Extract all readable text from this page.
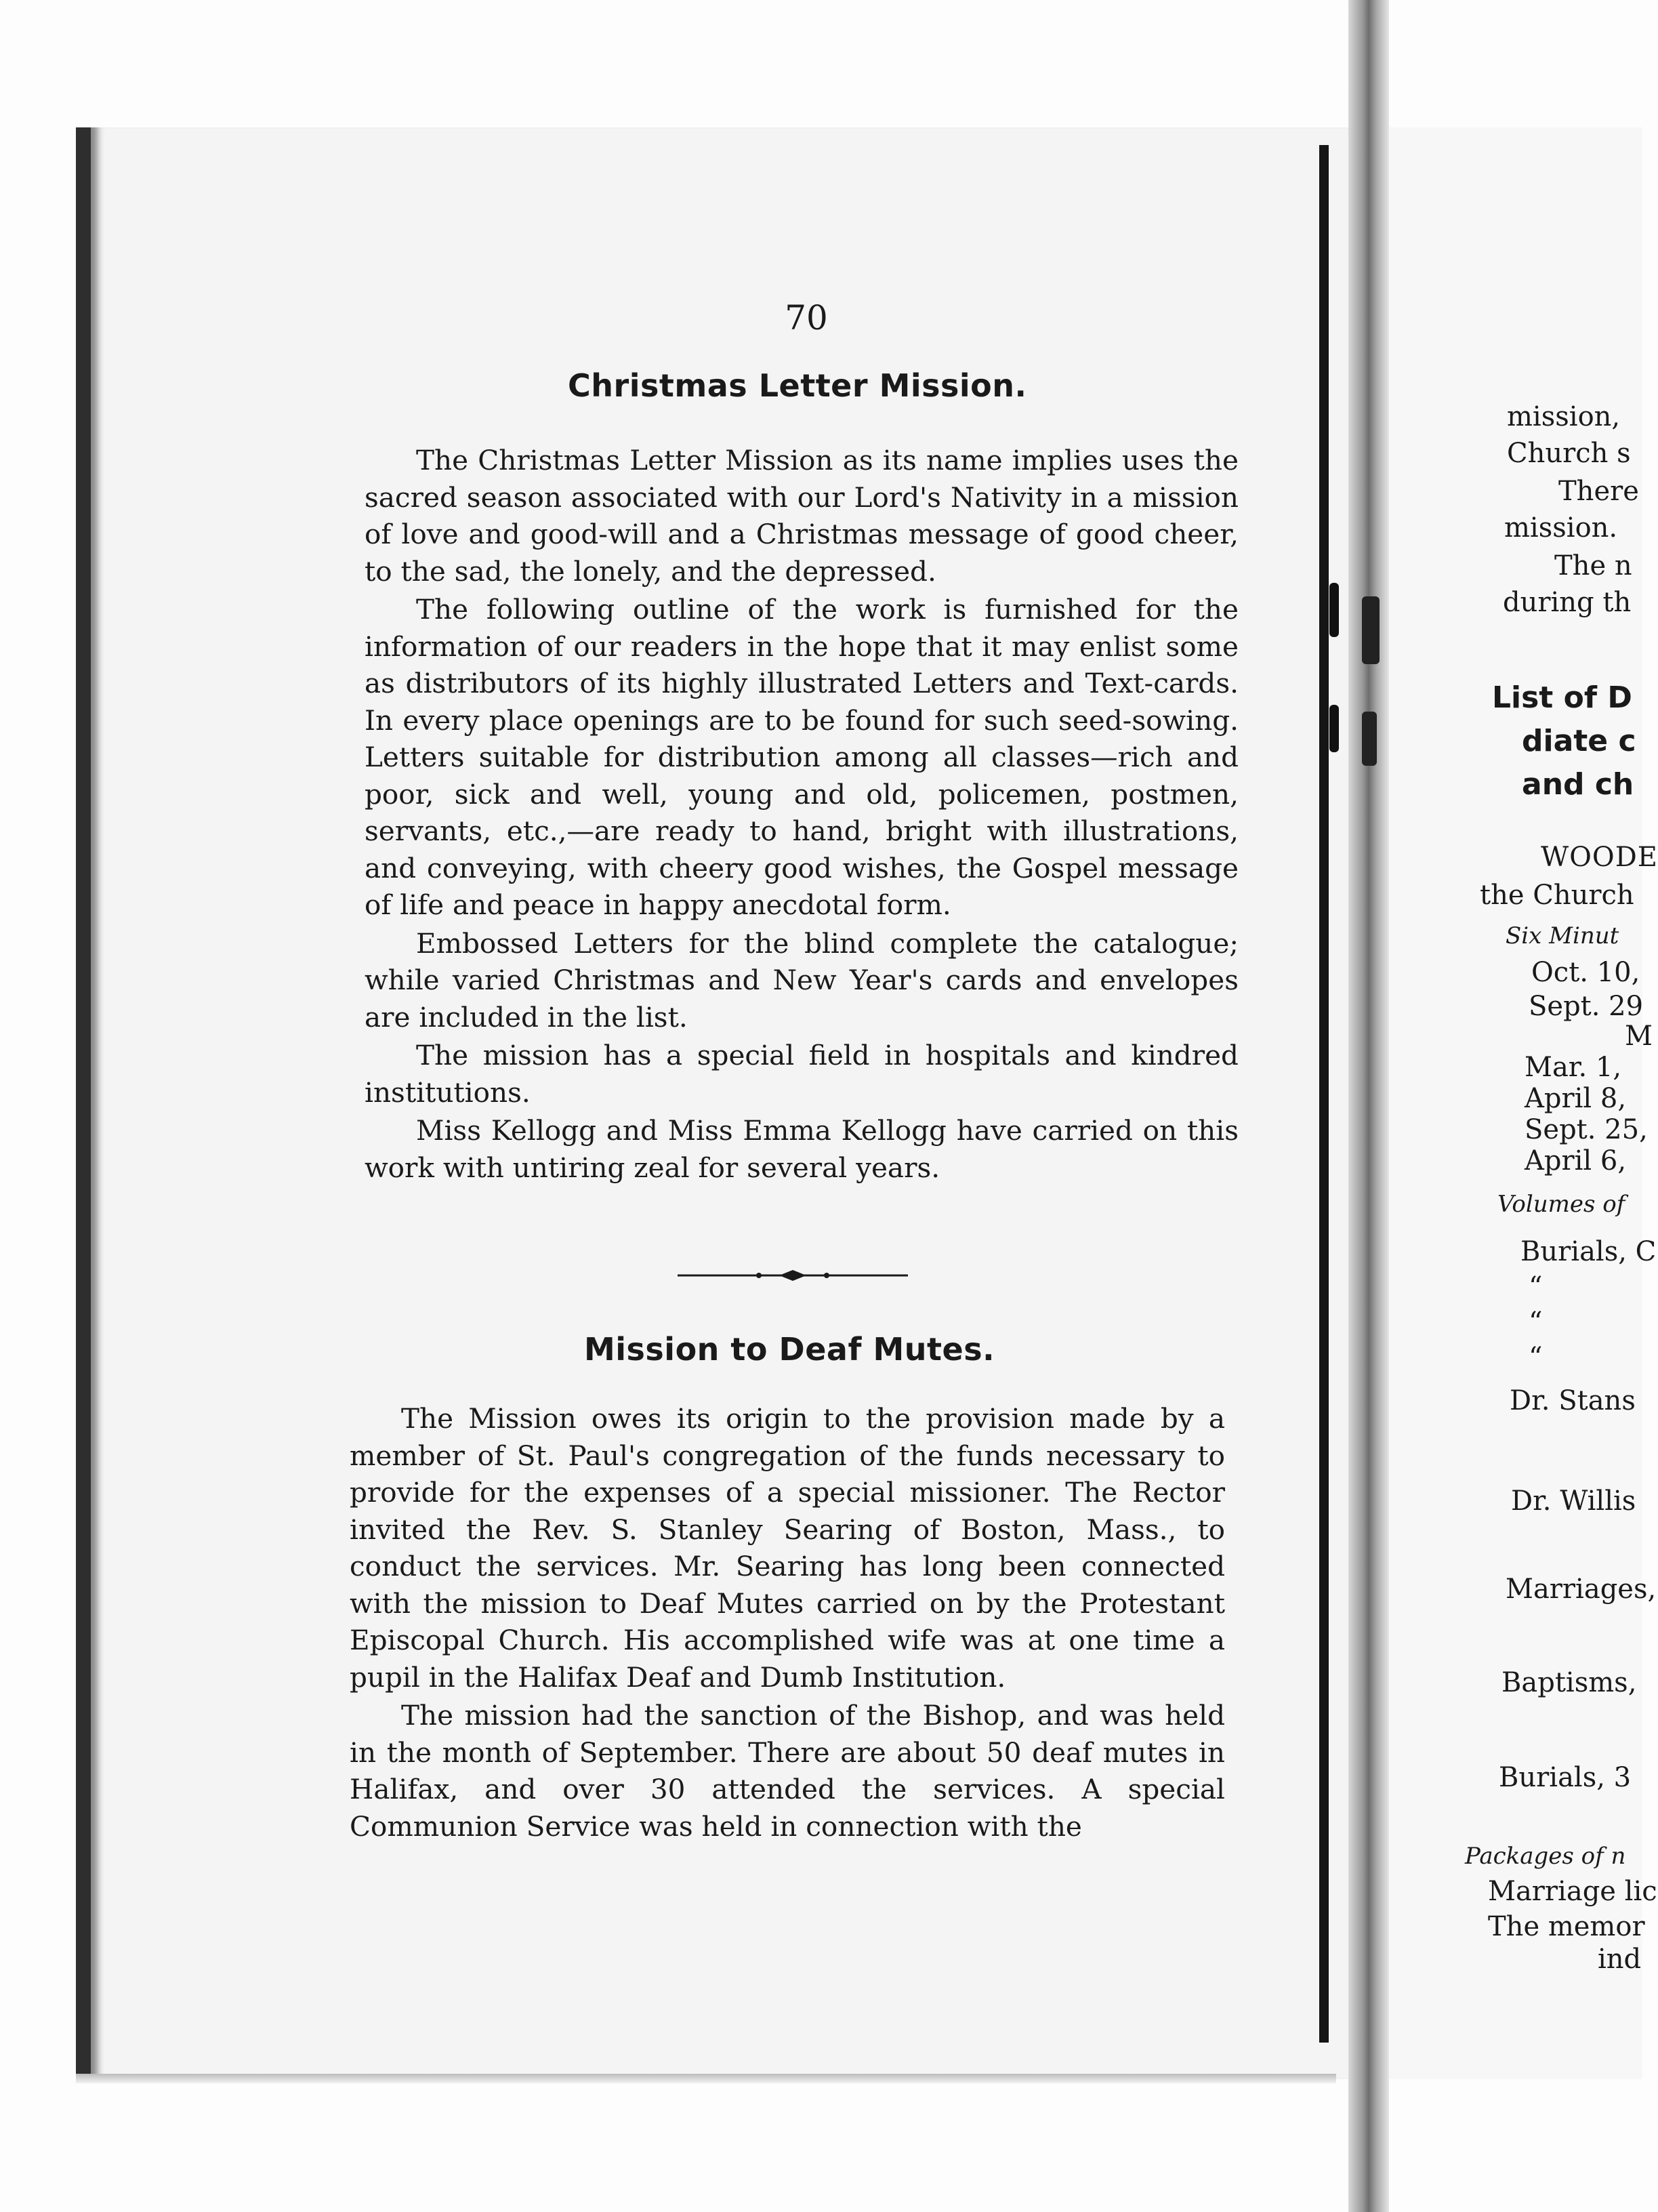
mission,
Church s
There
mission.
The n
during th
List of D
diate c
and ch
WOODE
the Church
Six Minut
Oct. 10,
Sept. 29
M
Mar. 1,
April 8,
Sept. 25,
April 6,
Volumes of
Burials, C
“
“
“
Dr. Stans
Dr. Willis
Marriages,
Baptisms,
Burials, 3
Packages of n
Marriage lic
The memor
ind
70
Christmas Letter Mission.

The Christmas Letter Mission as its name implies uses the sacred season associated with our Lord's Nativity in a mission of love and good-will and a Christmas message of good cheer, to the sad, the lonely, and the depressed.

The following outline of the work is furnished for the information of our readers in the hope that it may enlist some as distributors of its highly illustrated Letters and Text-cards. In every place openings are to be found for such seed-sowing. Letters suitable for distribution among all classes—rich and poor, sick and well, young and old, policemen, postmen, servants, etc.,—are ready to hand, bright with illustrations, and conveying, with cheery good wishes, the Gospel message of life and peace in happy anecdotal form.

Embossed Letters for the blind complete the catalogue; while varied Christmas and New Year's cards and envelopes are included in the list.

The mission has a special field in hospitals and kindred institutions.

Miss Kellogg and Miss Emma Kellogg have carried on this work with untiring zeal for several years.

Mission to Deaf Mutes.

The Mission owes its origin to the provision made by a member of St. Paul's congregation of the funds necessary to provide for the expenses of a special missioner. The Rector invited the Rev. S. Stanley Searing of Boston, Mass., to conduct the services. Mr. Searing has long been connected with the mission to Deaf Mutes carried on by the Protestant Episcopal Church. His accomplished wife was at one time a pupil in the Halifax Deaf and Dumb Institution.

The mission had the sanction of the Bishop, and was held in the month of September. There are about 50 deaf mutes in Halifax, and over 30 attended the services. A special Communion Service was held in connection with the
